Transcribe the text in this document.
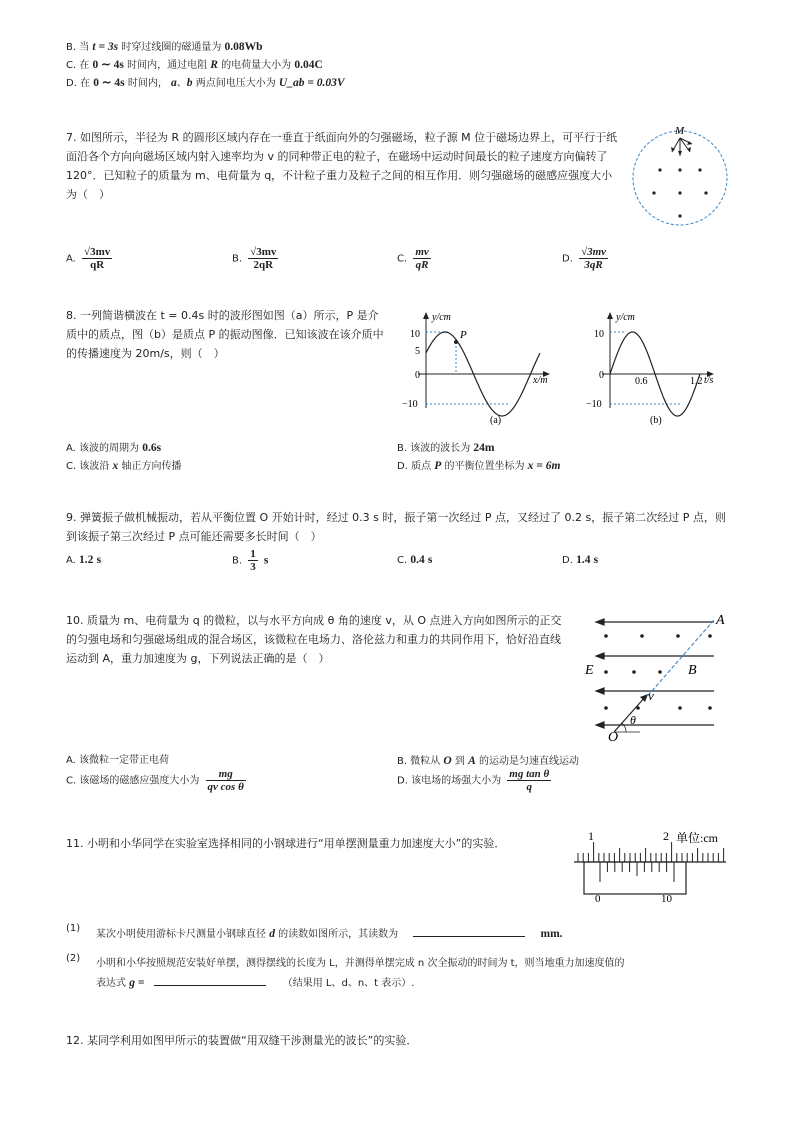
B. 当 t = 3s 时穿过线圈的磁通量为 0.08Wb
C. 在 0 ∼ 4s 时间内，通过电阻 R 的电荷量大小为 0.04C
D. 在 0 ∼ 4s 时间内， a、b 两点间电压大小为 U_ab = 0.03V
7. 如图所示，半径为 R 的圆形区域内存在一垂直于纸面向外的匀强磁场，粒子源 M 位于磁场边界上，可平行于纸面沿各个方向向磁场区域内射入速率均为 v 的同种带正电的粒子，在磁场中运动时间最长的粒子速度方向偏转了 120°．已知粒子的质量为 m、电荷量为 q，不计粒子重力及粒子之间的相互作用．则匀强磁场的磁感应强度大小为（　）
M
A. $\frac{√3mv}{qR}$	B. $\frac{√3mv}{2qR}$	C. $\frac{mv}{qR}$	D. $\frac{√3mv}{3qR}$
8. 一列简谐横波在 t = 0.4s 时的波形图如图（a）所示，P 是介质中的质点，图（b）是质点 P 的振动图像．已知该波在该介质中的传播速度为 20m/s，则（　）
y/cm
x/m
10
5
0
−10
P
(a)
y/cm
t/s
10
0
−10
0.6	1.2
(b)
A. 该波的周期为 0.6s	B. 该波的波长为 24m
C. 该波沿 x 轴正方向传播	D. 质点 P 的平衡位置坐标为 x = 6m
9. 弹簧振子做机械振动，若从平衡位置 O 开始计时，经过 0.3 s 时，振子第一次经过 P 点，又经过了 0.2 s，振子第二次经过 P 点，则到该振子第三次经过 P 点可能还需要多长时间（　）
A. 1.2 s	B. $\frac{1}{3}$ s	C. 0.4 s	D. 1.4 s
10. 质量为 m、电荷量为 q 的微粒，以与水平方向成 θ 角的速度 v，从 O 点进入方向如图所示的正交的匀强电场和匀强磁场组成的混合场区，该微粒在电场力、洛伦兹力和重力的共同作用下，恰好沿直线运动到 A，重力加速度为 g，下列说法正确的是（　）
A
B
E
O
v
θ
A. 该微粒一定带正电荷	B. 微粒从 O 到 A 的运动是匀速直线运动
C. 该磁场的磁感应强度大小为 $\frac{mg}{\text{qv cos θ}}$	D. 该电场的场强大小为 $\frac{\text{mg tan θ}}{q}$
11. 小明和小华同学在实验室选择相同的小钢球进行“用单摆测量重力加速度大小”的实验．
1	2 单位:cm
0	10
(1)
某次小明使用游标卡尺测量小钢球直径 d 的读数如图所示，其读数为	mm.
(2) 小明和小华按照规范安装好单摆，测得摆线的长度为 L，并测得单摆完成 n 次全振动的时间为 t，则当地重力加速度值的
表达式 g =	（结果用 L、d、n、t 表示）.
12. 某同学利用如图甲所示的装置做“用双缝干涉测量光的波长”的实验．
